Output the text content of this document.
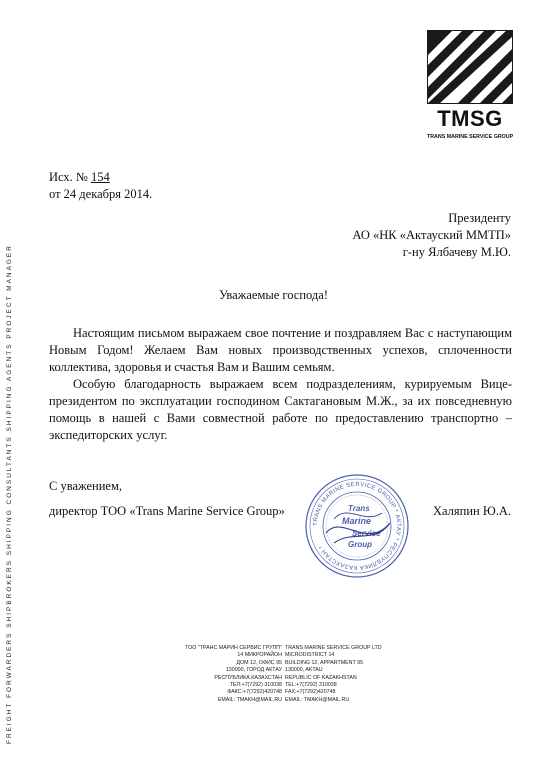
FREIGHT FORWARDERS SHIPBROKERS SHIPPING CONSULTANTS SHIPPING AGENTS PROJECT MANAGER
TMSG
TRANS MARINE SERVICE GROUP
Исх. № 154
от 24 декабря 2014.
Президенту
АО «НК «Актауский ММТП»
г-ну Ялбачеву М.Ю.
Уважаемые господа!

Настоящим письмом выражаем свое почтение и поздравляем Вас с наступающим Новым Годом! Желаем Вам новых производственных успехов, сплоченности коллектива, здоровья и счастья Вам и Вашим семьям.

Особую благодарность выражаем всем подразделениям, курируемым Вице-президентом по эксплуатации господином Сактагановым М.Ж., за их повседневную помощь в нашей с Вами совместной работе по предоставлению транспортно – экспедиторских услуг.

С уважением,
директор ТОО «Trans Marine Service Group»	Халяпин Ю.А.
TRANS MARINE SERVICE GROUP * АКТАУ * РЕСПУБЛИКА КАЗАХСТАН *
Trans
Marine
Service
Group
ТОО "ТРАНС МАРИН СЕРВИС ГРУПП"
14 МИКРОРАЙОН
ДОМ 12, ОФИС 95
130000, ГОРОД АКТАУ
РЕСПУБЛИКА КАЗАХСТАН
ТЕЛ:+7(7292) 310038
ФАКС:+7(7292)420748
EMAIL: TMAKH@MAIL.RU
TRANS MARINE SERVICE GROUP LTD
MICRODISTRICT 14
BUILDING 12, APPARTMENT 95
130000, AKTAU
REPUBLIC OF KAZAKHSTAN
TEL:+7(7292) 310038
FAX:+7(7292)420748
EMAIL: TMAKH@MAIL.RU
